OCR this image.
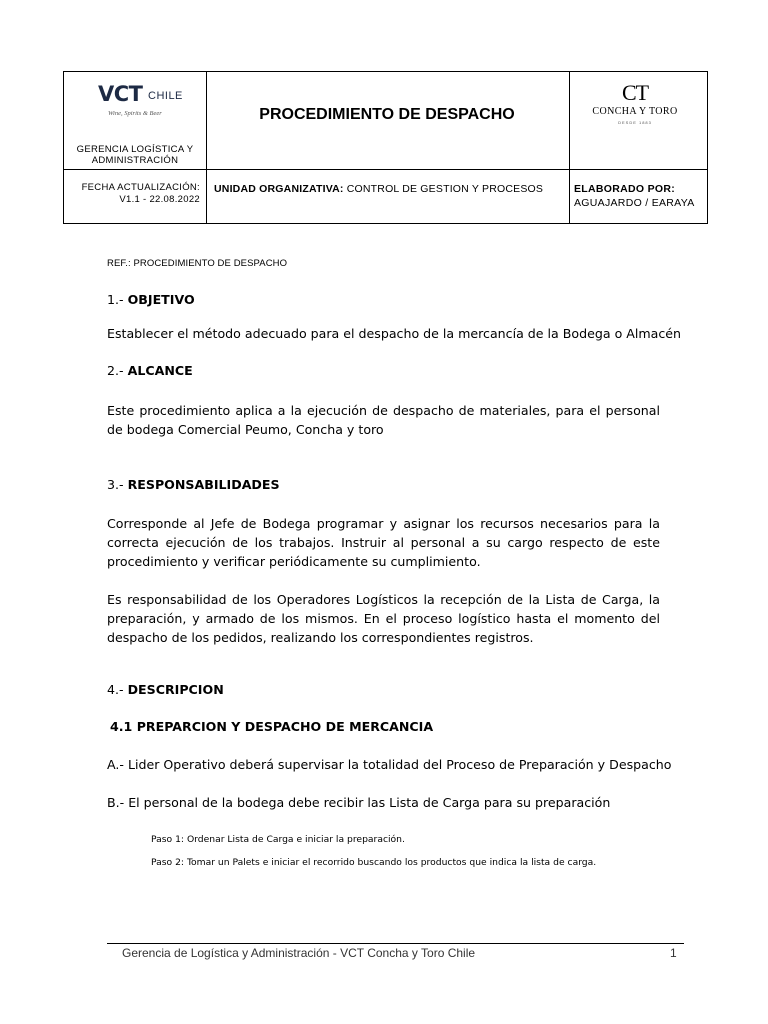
VCT CHILE
Wine, Spirits & Beer
CT
CONCHA Y TORO
DESDE 1883
GERENCIA LOGÍSTICA Y ADMINISTRACIÓN
PROCEDIMIENTO DE DESPACHO
FECHA ACTUALIZACIÓN:
V1.1 - 22.08.2022
UNIDAD ORGANIZATIVA: CONTROL DE GESTION Y PROCESOS	ELABORADO POR:
AGUAJARDO / EARAYA
REF.: PROCEDIMIENTO DE DESPACHO
1.- OBJETIVO
Establecer el método adecuado para el despacho de la mercancía de la Bodega o Almacén
2.- ALCANCE
Este procedimiento aplica a la ejecución de despacho de materiales, para el personal de bodega Comercial Peumo, Concha y toro
3.- RESPONSABILIDADES
Corresponde al Jefe de Bodega programar y asignar los recursos necesarios para la correcta ejecución de los trabajos. Instruir al personal a su cargo respecto de este procedimiento y verificar periódicamente su cumplimiento.
Es responsabilidad de los Operadores Logísticos la recepción de la Lista de Carga, la preparación, y armado de los mismos. En el proceso logístico hasta el momento del despacho de los pedidos, realizando los correspondientes registros.
4.- DESCRIPCION
4.1 PREPARCION Y DESPACHO DE MERCANCIA
A.- Lider Operativo deberá supervisar la totalidad del Proceso de Preparación y Despacho
B.- El personal de la bodega debe recibir las Lista de Carga para su preparación
Paso 1: Ordenar Lista de Carga e iniciar la preparación.
Paso 2: Tomar un Palets e iniciar el recorrido buscando los productos que indica la lista de carga.
Gerencia de Logística y Administración - VCT Concha y Toro Chile	1
